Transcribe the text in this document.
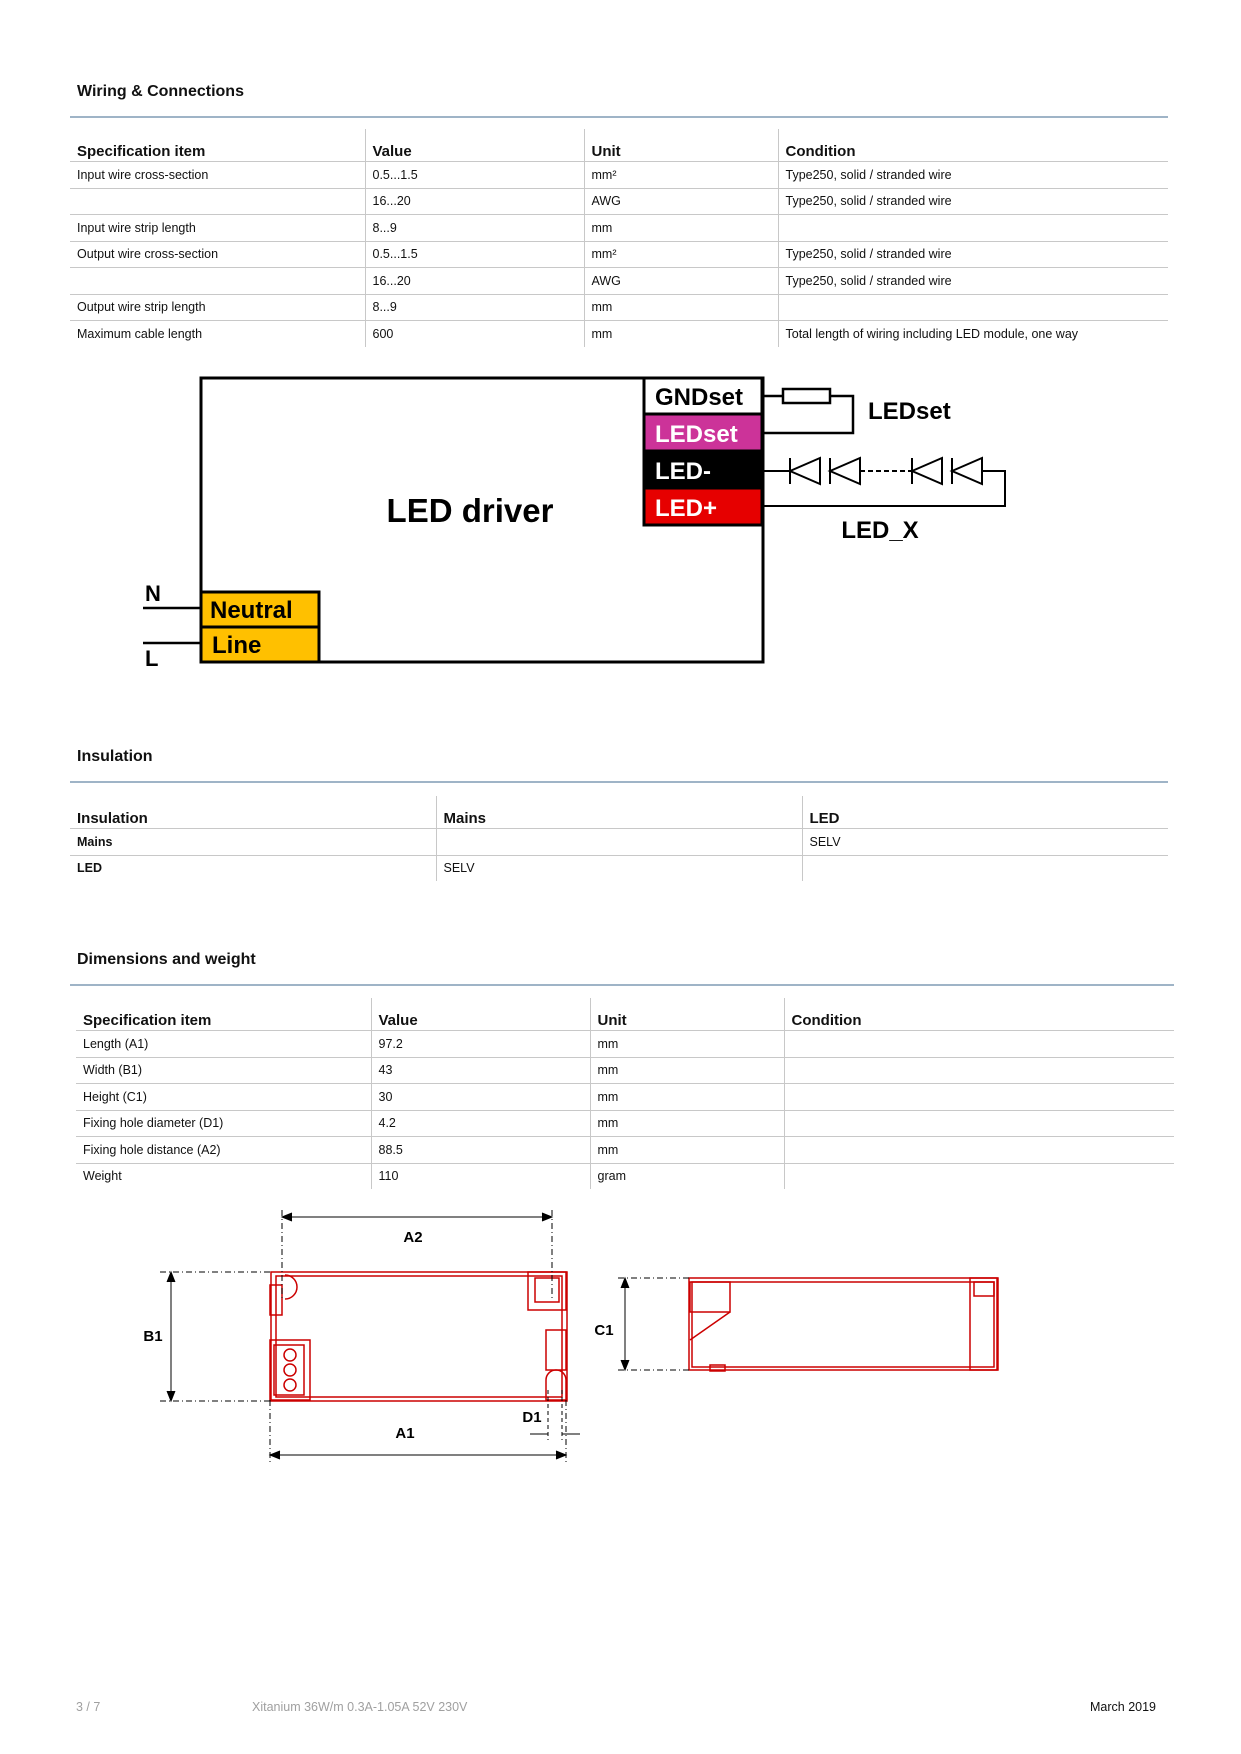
Wiring & Connections
Specification item	Value	Unit	Condition
Input wire cross-section	0.5...1.5	mm²	Type250, solid / stranded wire
	16...20	AWG	Type250, solid / stranded wire
Input wire strip length	8...9	mm	
Output wire cross-section	0.5...1.5	mm²	Type250, solid / stranded wire
	16...20	AWG	Type250, solid / stranded wire
Output wire strip length	8...9	mm	
Maximum cable length	600	mm	Total length of wiring including LED module, one way
LED driver
GNDset
LEDset
LED-
LED+
LEDset
LED_X
Neutral
Line
N
L
Insulation
Insulation	Mains	LED
Mains		SELV
LED	SELV	
Dimensions and weight
Specification item	Value	Unit	Condition
Length (A1)	97.2	mm	
Width (B1)	43	mm	
Height (C1)	30	mm	
Fixing hole diameter (D1)	4.2	mm	
Fixing hole distance (A2)	88.5	mm	
Weight	110	gram	
A2
A1
B1	C1
D1
3 / 7	Xitanium 36W/m 0.3A-1.05A 52V 230V	March 2019
